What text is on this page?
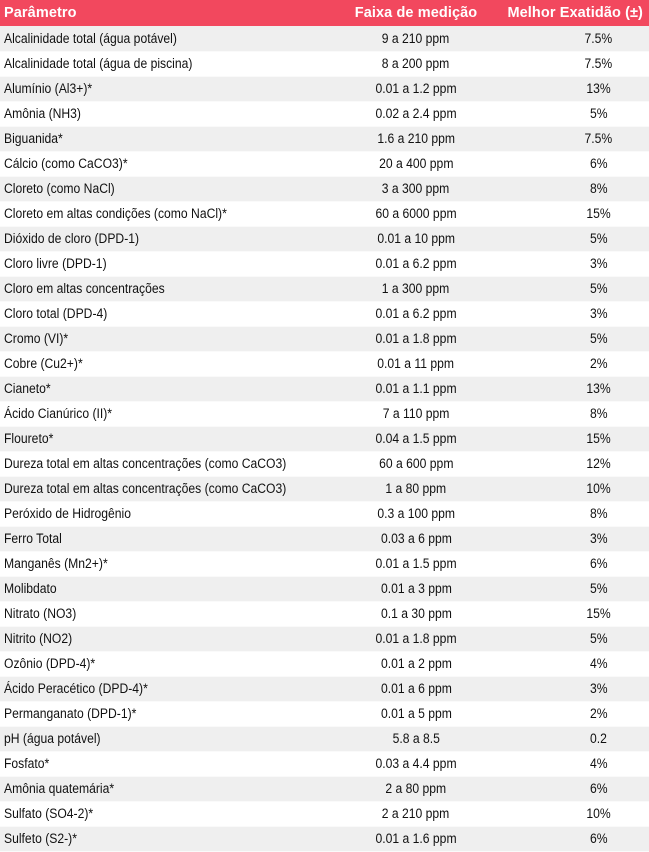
Parâmetro	Faixa de medição	Melhor Exatidão (±)
Alcalinidade total (água potável)	9 a 210 ppm	7.5%
Alcalinidade total (água de piscina)	8 a 200 ppm	7.5%
Alumínio (Al3+)*	0.01 a 1.2 ppm	13%
Amônia (NH3)	0.02 a 2.4 ppm	5%
Biguanida*	1.6 a 210 ppm	7.5%
Cálcio (como CaCO3)*	20 a 400 ppm	6%
Cloreto (como NaCl)	3 a 300 ppm	8%
Cloreto em altas condições (como NaCl)*	60 a 6000 ppm	15%
Dióxido de cloro (DPD-1)	0.01 a 10 ppm	5%
Cloro livre (DPD-1)	0.01 a 6.2 ppm	3%
Cloro em altas concentrações	1 a 300 ppm	5%
Cloro total (DPD-4)	0.01 a 6.2 ppm	3%
Cromo (VI)*	0.01 a 1.8 ppm	5%
Cobre (Cu2+)*	0.01 a 11 ppm	2%
Cianeto*	0.01 a 1.1 ppm	13%
Ácido Cianúrico (II)*	7 a 110 ppm	8%
Floureto*	0.04 a 1.5 ppm	15%
Dureza total em altas concentrações (como CaCO3)	60 a 600 ppm	12%
Dureza total em altas concentrações (como CaCO3)	1 a 80 ppm	10%
Peróxido de Hidrogênio	0.3 a 100 ppm	8%
Ferro Total	0.03 a 6 ppm	3%
Manganês (Mn2+)*	0.01 a 1.5 ppm	6%
Molibdato	0.01 a 3 ppm	5%
Nitrato (NO3)	0.1 a 30 ppm	15%
Nitrito (NO2)	0.01 a 1.8 ppm	5%
Ozônio (DPD-4)*	0.01 a 2 ppm	4%
Ácido Peracético (DPD-4)*	0.01 a 6 ppm	3%
Permanganato (DPD-1)*	0.01 a 5 ppm	2%
pH (água potável)	5.8 a 8.5	0.2
Fosfato*	0.03 a 4.4 ppm	4%
Amônia quatemária*	2 a 80 ppm	6%
Sulfato (SO4-2)*	2 a 210 ppm	10%
Sulfeto (S2-)*	0.01 a 1.6 ppm	6%
